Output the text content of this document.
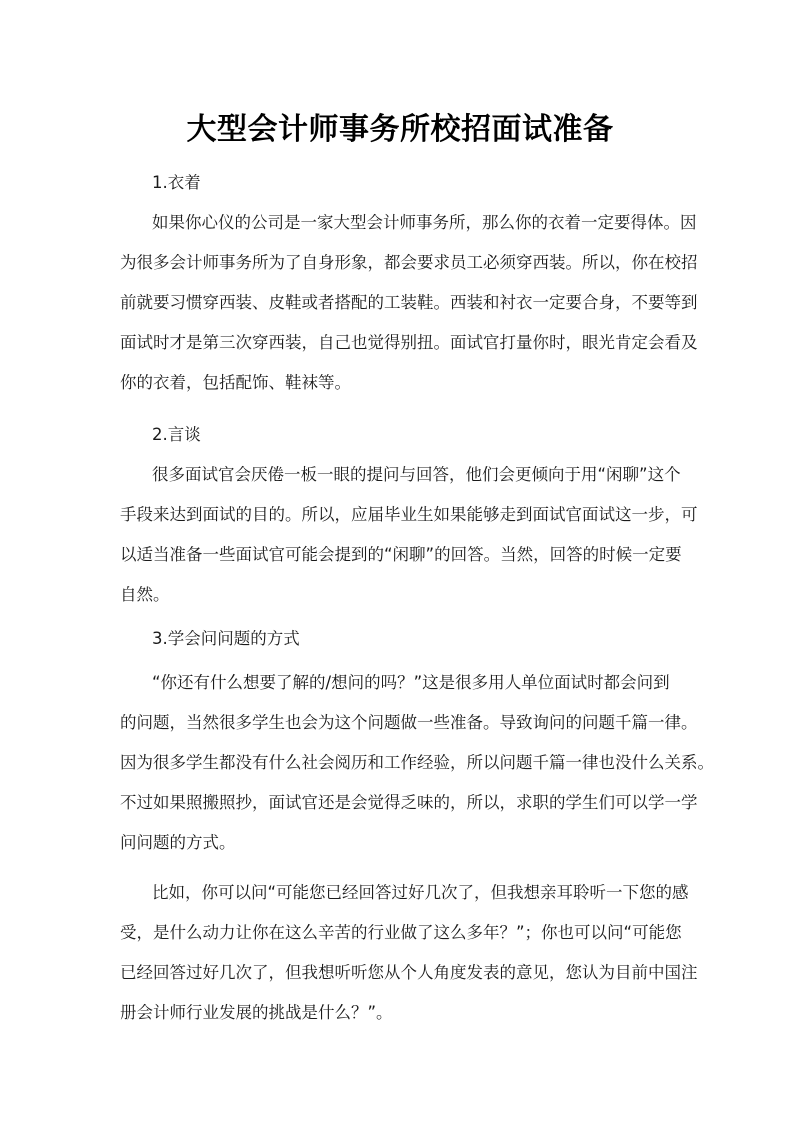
大型会计师事务所校招面试准备

1.衣着

如果你心仪的公司是一家大型会计师事务所，那么你的衣着一定要得体。因

为很多会计师事务所为了自身形象，都会要求员工必须穿西装。所以，你在校招

前就要习惯穿西装、皮鞋或者搭配的工装鞋。西装和衬衣一定要合身，不要等到

面试时才是第三次穿西装，自己也觉得别扭。面试官打量你时，眼光肯定会看及

你的衣着，包括配饰、鞋袜等。

2.言谈

很多面试官会厌倦一板一眼的提问与回答，他们会更倾向于用“闲聊”这个

手段来达到面试的目的。所以，应届毕业生如果能够走到面试官面试这一步，可

以适当准备一些面试官可能会提到的“闲聊”的回答。当然，回答的时候一定要

自然。

3.学会问问题的方式

“你还有什么想要了解的/想问的吗？”这是很多用人单位面试时都会问到

的问题，当然很多学生也会为这个问题做一些准备。导致询问的问题千篇一律。

因为很多学生都没有什么社会阅历和工作经验，所以问题千篇一律也没什么关系。

不过如果照搬照抄，面试官还是会觉得乏味的，所以，求职的学生们可以学一学

问问题的方式。

比如，你可以问“可能您已经回答过好几次了，但我想亲耳聆听一下您的感

受，是什么动力让你在这么辛苦的行业做了这么多年？”；你也可以问“可能您

已经回答过好几次了，但我想听听您从个人角度发表的意见，您认为目前中国注

册会计师行业发展的挑战是什么？”。
